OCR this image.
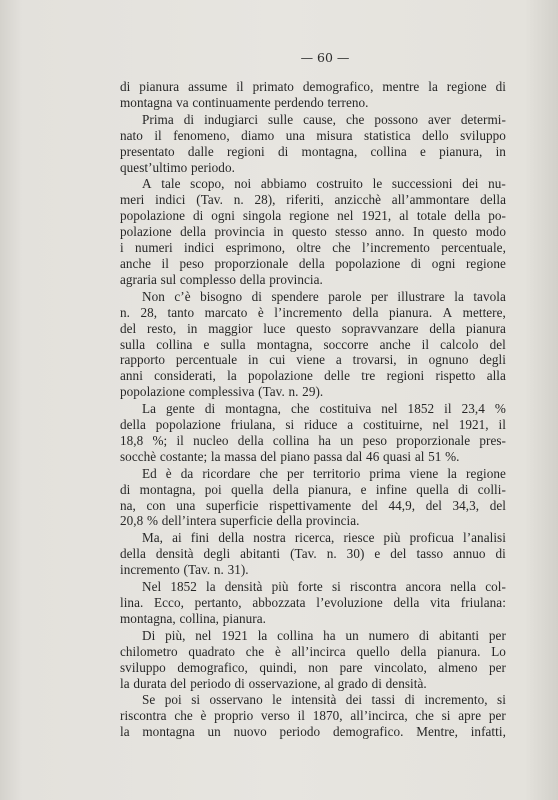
— 60 —
di pianura assume il primato demografico, mentre la regione di
montagna va continuamente perdendo terreno.
Prima di indugiarci sulle cause, che possono aver determi-
nato il fenomeno, diamo una misura statistica dello sviluppo
presentato dalle regioni di montagna, collina e pianura, in
quest’ultimo periodo.
A tale scopo, noi abbiamo costruito le successioni dei nu-
meri indici (Tav. n. 28), riferiti, anzicchè all’ammontare della
popolazione di ogni singola regione nel 1921, al totale della po-
polazione della provincia in questo stesso anno. In questo modo
i numeri indici esprimono, oltre che l’incremento percentuale,
anche il peso proporzionale della popolazione di ogni regione
agraria sul complesso della provincia.
Non c’è bisogno di spendere parole per illustrare la tavola
n. 28, tanto marcato è l’incremento della pianura. A mettere,
del resto, in maggior luce questo sopravvanzare della pianura
sulla collina e sulla montagna, soccorre anche il calcolo del
rapporto percentuale in cui viene a trovarsi, in ognuno degli
anni considerati, la popolazione delle tre regioni rispetto alla
popolazione complessiva (Tav. n. 29).
La gente di montagna, che costituiva nel 1852 il 23,4 %
della popolazione friulana, si riduce a costituirne, nel 1921, il
18,8 %; il nucleo della collina ha un peso proporzionale pres-
socchè costante; la massa del piano passa dal 46 quasi al 51 %.
Ed è da ricordare che per territorio prima viene la regione
di montagna, poi quella della pianura, e infine quella di colli-
na, con una superficie rispettivamente del 44,9, del 34,3, del
20,8 % dell’intera superficie della provincia.
Ma, ai fini della nostra ricerca, riesce più proficua l’analisi
della densità degli abitanti (Tav. n. 30) e del tasso annuo di
incremento (Tav. n. 31).
Nel 1852 la densità più forte si riscontra ancora nella col-
lina. Ecco, pertanto, abbozzata l’evoluzione della vita friulana:
montagna, collina, pianura.
Di più, nel 1921 la collina ha un numero di abitanti per
chilometro quadrato che è all’incirca quello della pianura. Lo
sviluppo demografico, quindi, non pare vincolato, almeno per
la durata del periodo di osservazione, al grado di densità.
Se poi si osservano le intensità dei tassi di incremento, si
riscontra che è proprio verso il 1870, all’incirca, che si apre per
la montagna un nuovo periodo demografico. Mentre, infatti,
